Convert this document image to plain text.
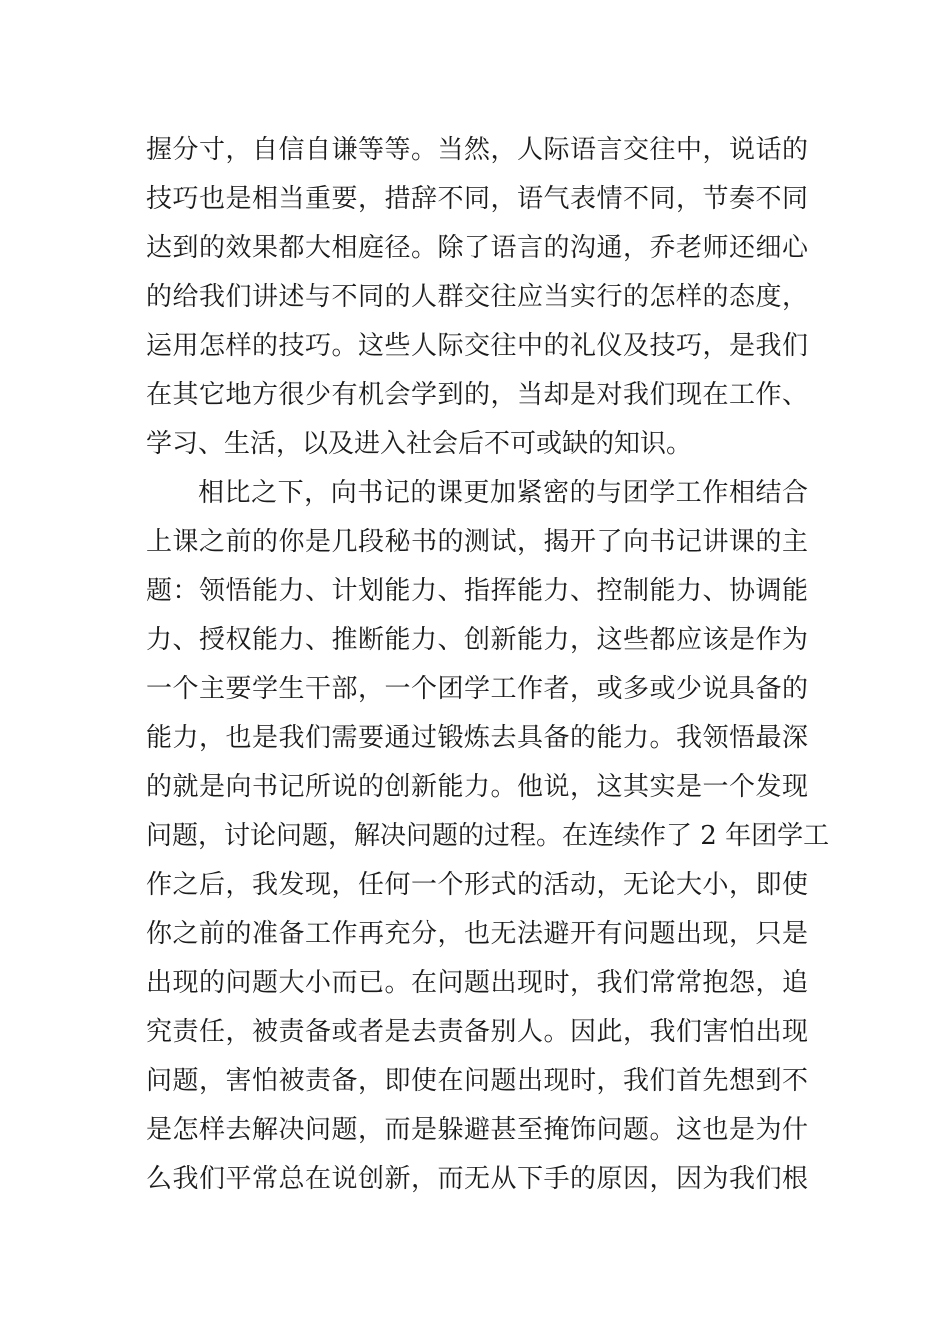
握分寸，自信自谦等等。当然，人际语言交往中，说话的
技巧也是相当重要，措辞不同，语气表情不同，节奏不同
达到的效果都大相庭径。除了语言的沟通，乔老师还细心
的给我们讲述与不同的人群交往应当实行的怎样的态度，
运用怎样的技巧。这些人际交往中的礼仪及技巧，是我们
在其它地方很少有机会学到的，当却是对我们现在工作、
学习、生活，以及进入社会后不可或缺的知识。
相比之下，向书记的课更加紧密的与团学工作相结合
上课之前的你是几段秘书的测试，揭开了向书记讲课的主
题：领悟能力、计划能力、指挥能力、控制能力、协调能
力、授权能力、推断能力、创新能力，这些都应该是作为
一个主要学生干部，一个团学工作者，或多或少说具备的
能力，也是我们需要通过锻炼去具备的能力。我领悟最深
的就是向书记所说的创新能力。他说，这其实是一个发现
问题，讨论问题，解决问题的过程。在连续作了 2 年团学工
作之后，我发现，任何一个形式的活动，无论大小，即使
你之前的准备工作再充分，也无法避开有问题出现，只是
出现的问题大小而已。在问题出现时，我们常常抱怨，追
究责任，被责备或者是去责备别人。因此，我们害怕出现
问题，害怕被责备，即使在问题出现时，我们首先想到不
是怎样去解决问题，而是躲避甚至掩饰问题。这也是为什
么我们平常总在说创新，而无从下手的原因，因为我们根
